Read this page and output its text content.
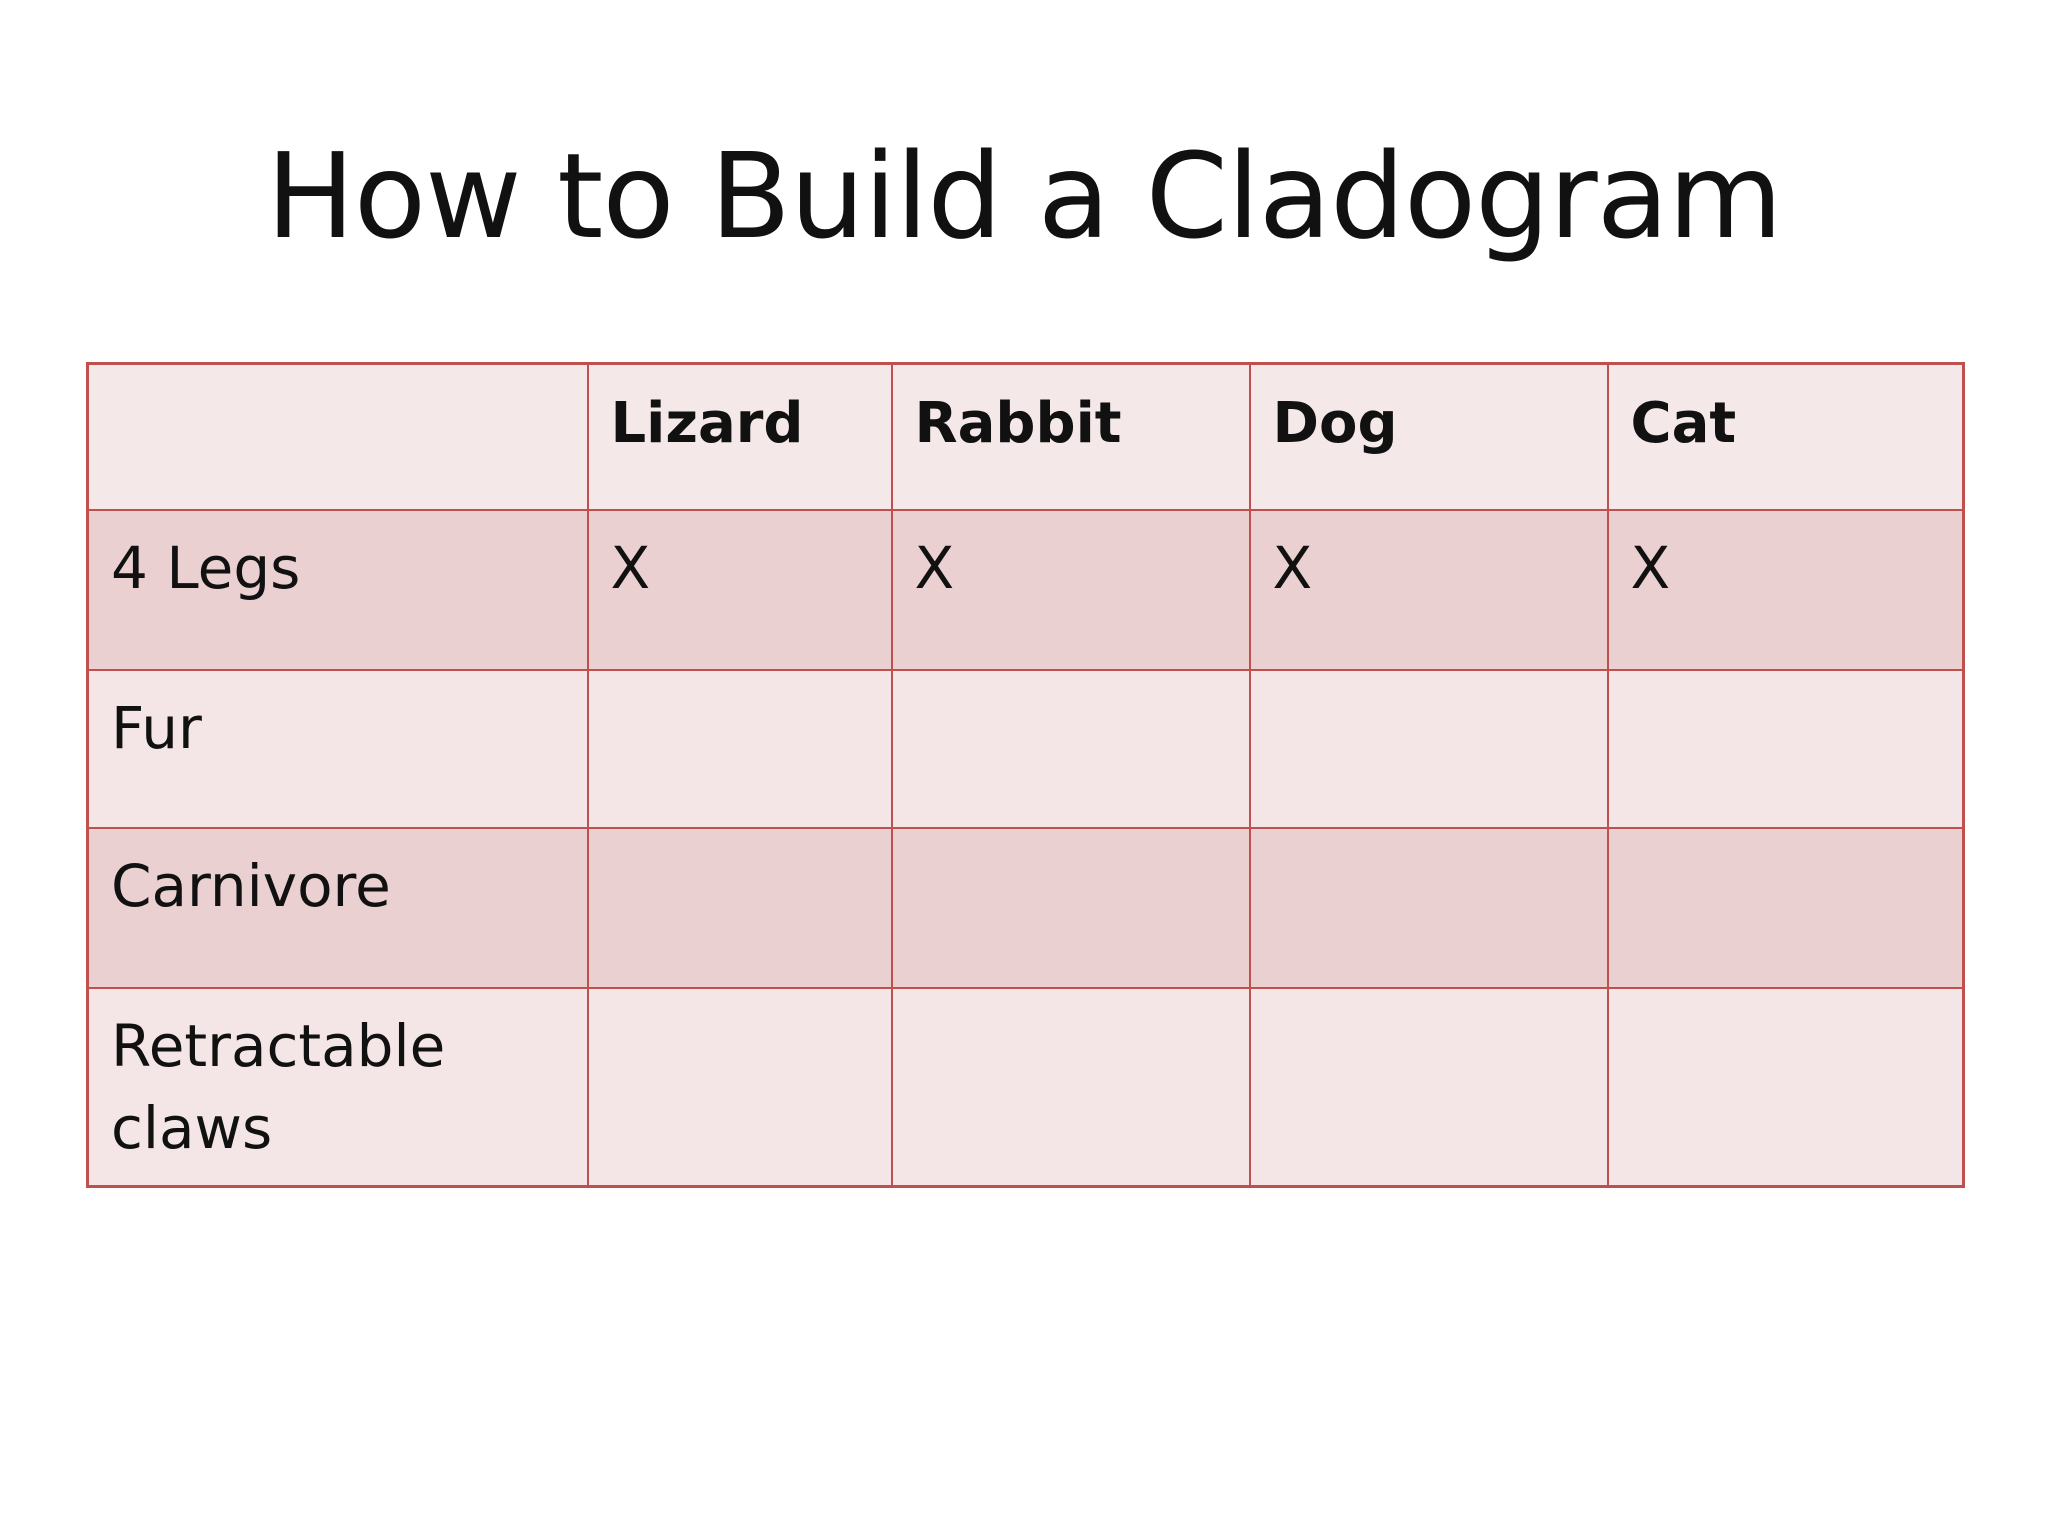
How to Build a Cladogram
	Lizard	Rabbit	Dog	Cat
4 Legs	X	X	X	X
Fur				
Carnivore				
Retractable claws				
